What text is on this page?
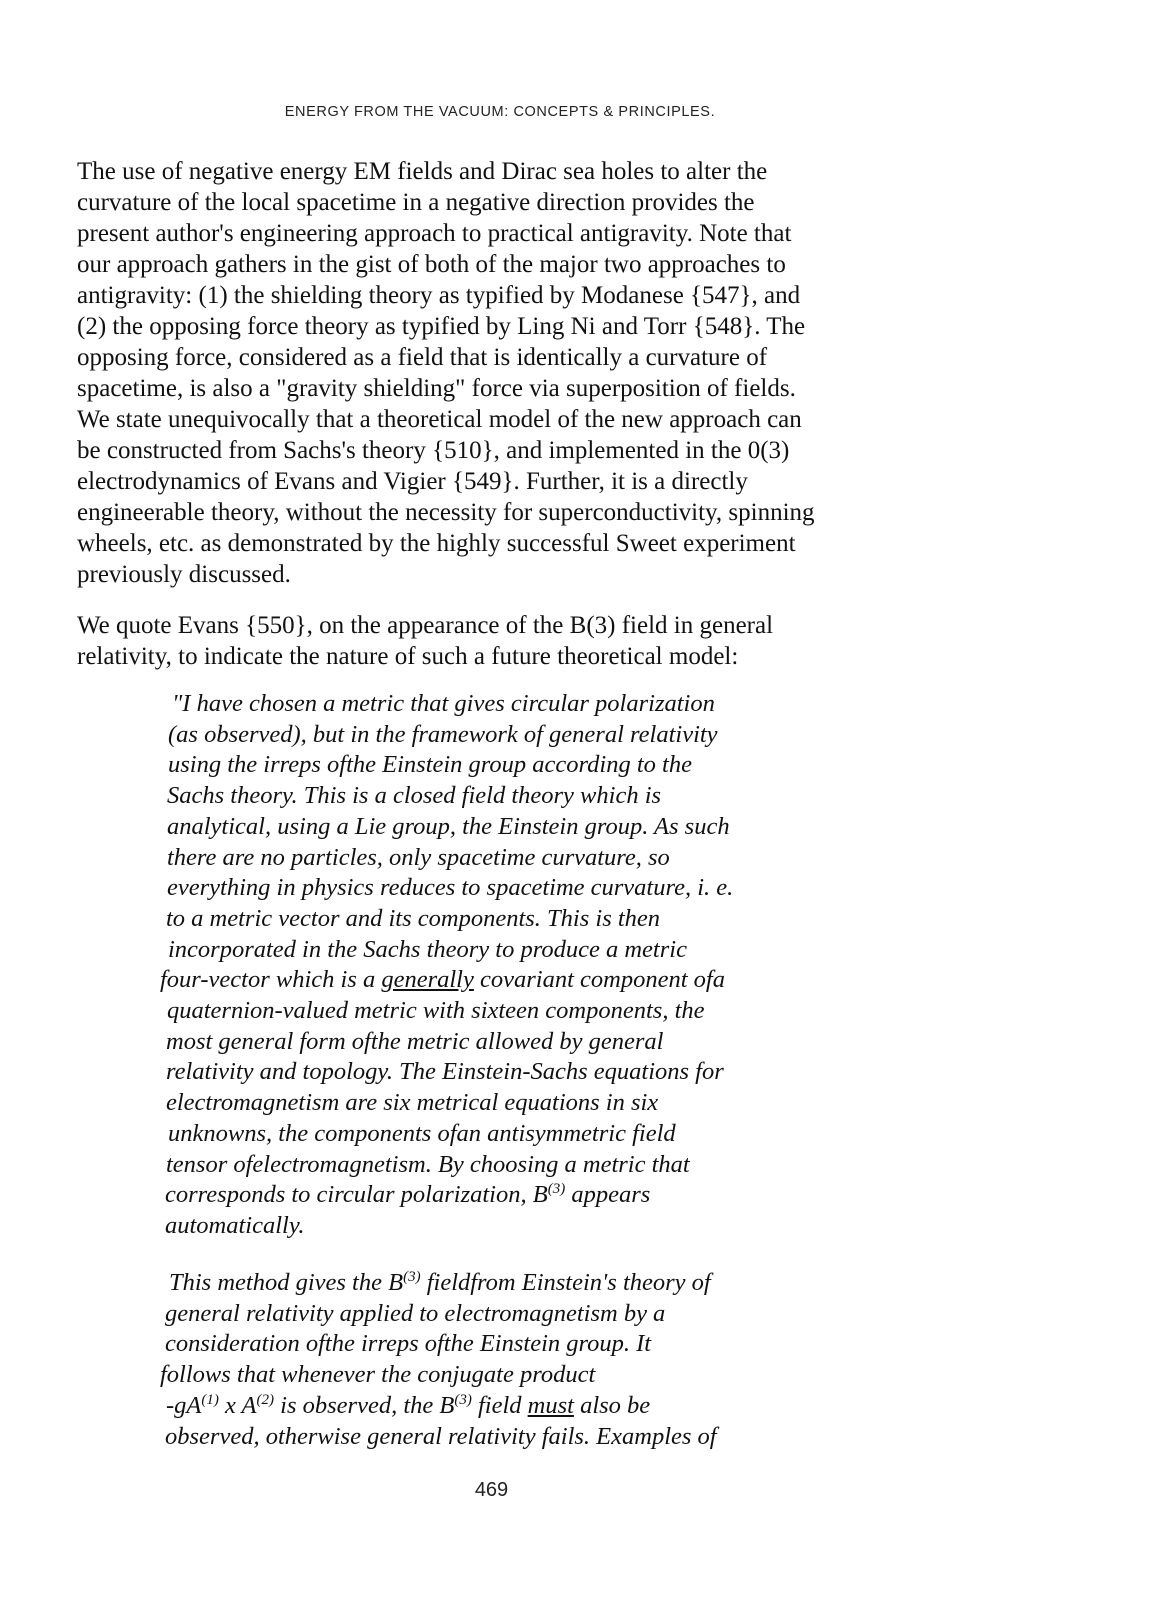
ENERGY FROM THE VACUUM: CONCEPTS & PRINCIPLES.
The use of negative energy EM fields and Dirac sea holes to alter the
curvature of the local spacetime in a negative direction provides the
present author's engineering approach to practical antigravity. Note that
our approach gathers in the gist of both of the major two approaches to
antigravity: (1) the shielding theory as typified by Modanese {547}, and
(2) the opposing force theory as typified by Ling Ni and Torr {548}. The
opposing force, considered as a field that is identically a curvature of
spacetime, is also a "gravity shielding" force via superposition of fields.
We state unequivocally that a theoretical model of the new approach can
be constructed from Sachs's theory {510}, and implemented in the 0(3)
electrodynamics of Evans and Vigier {549}. Further, it is a directly
engineerable theory, without the necessity for superconductivity, spinning
wheels, etc. as demonstrated by the highly successful Sweet experiment
previously discussed.
We quote Evans {550}, on the appearance of the B(3) field in general
relativity, to indicate the nature of such a future theoretical model:
"I have chosen a metric that gives circular polarization
(as observed), but in the framework of general relativity
using the irreps ofthe Einstein group according to the
Sachs theory. This is a closed field theory which is
analytical, using a Lie group, the Einstein group. As such
there are no particles, only spacetime curvature, so
everything in physics reduces to spacetime curvature, i. e.
to a metric vector and its components. This is then
incorporated in the Sachs theory to produce a metric
four-vector which is a generally covariant component ofa
quaternion-valued metric with sixteen components, the
most general form ofthe metric allowed by general
relativity and topology. The Einstein-Sachs equations for
electromagnetism are six metrical equations in six
unknowns, the components ofan antisymmetric field
tensor ofelectromagnetism. By choosing a metric that
corresponds to circular polarization, $B^{(3)}$ appears
automatically.
This method gives the $B^{(3)}$ fieldfrom Einstein's theory of
general relativity applied to electromagnetism by a
consideration ofthe irreps ofthe Einstein group. It
follows that whenever the conjugate product
$-gA^{(1)}$ x $A^{(2)}$ is observed, the $B^{(3)}$ field must also be
observed, otherwise general relativity fails. Examples of
469
